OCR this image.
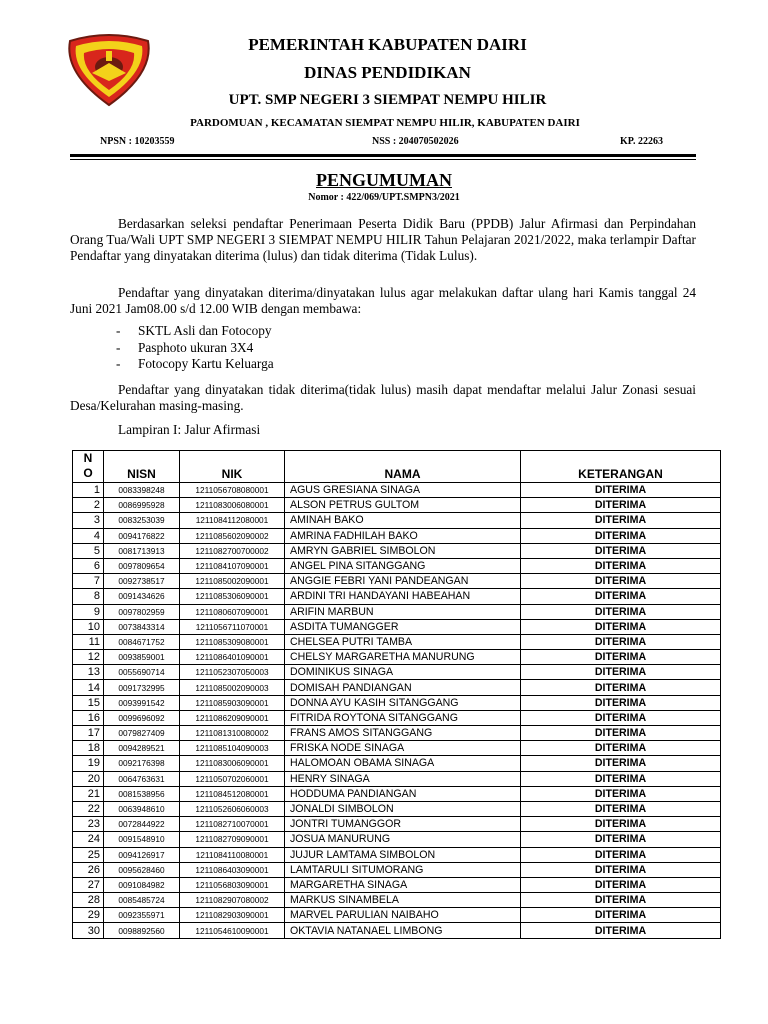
PEMERINTAH KABUPATEN DAIRI
DINAS PENDIDIKAN
UPT. SMP NEGERI 3 SIEMPAT NEMPU HILIR
PARDOMUAN , KECAMATAN SIEMPAT NEMPU HILIR, KABUPATEN DAIRI
NPSN : 10203559	NSS : 204070502026	KP. 22263
PENGUMUMAN
Nomor : 422/069/UPT.SMPN3/2021

Berdasarkan seleksi pendaftar Penerimaan Peserta Didik Baru (PPDB) Jalur Afirmasi dan Perpindahan Orang Tua/Wali UPT SMP NEGERI 3 SIEMPAT NEMPU HILIR Tahun Pelajaran 2021/2022, maka terlampir Daftar Pendaftar yang dinyatakan diterima (lulus) dan tidak diterima (Tidak Lulus).

Pendaftar yang dinyatakan diterima/dinyatakan lulus agar melakukan daftar ulang hari Kamis tanggal 24 Juni 2021 Jam08.00 s/d 12.00 WIB dengan membawa:

- SKTL Asli dan Fotocopy
- Pasphoto ukuran 3X4
- Fotocopy Kartu Keluarga

Pendaftar yang dinyatakan tidak diterima(tidak lulus) masih dapat mendaftar melalui Jalur Zonasi sesuai Desa/Kelurahan masing-masing.

Lampiran I: Jalur Afirmasi
N
O	NISN	NIK	NAMA	KETERANGAN
1	0083398248	1211056708080001	AGUS GRESIANA SINAGA	DITERIMA
2	0086995928	1211083006080001	ALSON PETRUS GULTOM	DITERIMA
3	0083253039	1211084112080001	AMINAH BAKO	DITERIMA
4	0094176822	1211085602090002	AMRINA FADHILAH BAKO	DITERIMA
5	0081713913	1211082700700002	AMRYN GABRIEL SIMBOLON	DITERIMA
6	0097809654	1211084107090001	ANGEL PINA SITANGGANG	DITERIMA
7	0092738517	1211085002090001	ANGGIE FEBRI YANI PANDEANGAN	DITERIMA
8	0091434626	1211085306090001	ARDINI TRI HANDAYANI HABEAHAN	DITERIMA
9	0097802959	1211080607090001	ARIFIN MARBUN	DITERIMA
10	0073843314	1211056711070001	ASDITA TUMANGGER	DITERIMA
11	0084671752	1211085309080001	CHELSEA PUTRI TAMBA	DITERIMA
12	0093859001	1211086401090001	CHELSY MARGARETHA MANURUNG	DITERIMA
13	0055690714	1211052307050003	DOMINIKUS SINAGA	DITERIMA
14	0091732995	1211085002090003	DOMISAH PANDIANGAN	DITERIMA
15	0093991542	1211085903090001	DONNA AYU KASIH SITANGGANG	DITERIMA
16	0099696092	1211086209090001	FITRIDA ROYTONA SITANGGANG	DITERIMA
17	0079827409	1211081310080002	FRANS AMOS SITANGGANG	DITERIMA
18	0094289521	1211085104090003	FRISKA NODE SINAGA	DITERIMA
19	0092176398	1211083006090001	HALOMOAN OBAMA SINAGA	DITERIMA
20	0064763631	1211050702060001	HENRY SINAGA	DITERIMA
21	0081538956	1211084512080001	HODDUMA PANDIANGAN	DITERIMA
22	0063948610	1211052606060003	JONALDI SIMBOLON	DITERIMA
23	0072844922	1211082710070001	JONTRI TUMANGGOR	DITERIMA
24	0091548910	1211082709090001	JOSUA MANURUNG	DITERIMA
25	0094126917	1211084110080001	JUJUR LAMTAMA SIMBOLON	DITERIMA
26	0095628460	1211086403090001	LAMTARULI SITUMORANG	DITERIMA
27	0091084982	1211056803090001	MARGARETHA SINAGA	DITERIMA
28	0085485724	1211082907080002	MARKUS SINAMBELA	DITERIMA
29	0092355971	1211082903090001	MARVEL PARULIAN NAIBAHO	DITERIMA
30	0098892560	1211054610090001	OKTAVIA NATANAEL LIMBONG	DITERIMA
